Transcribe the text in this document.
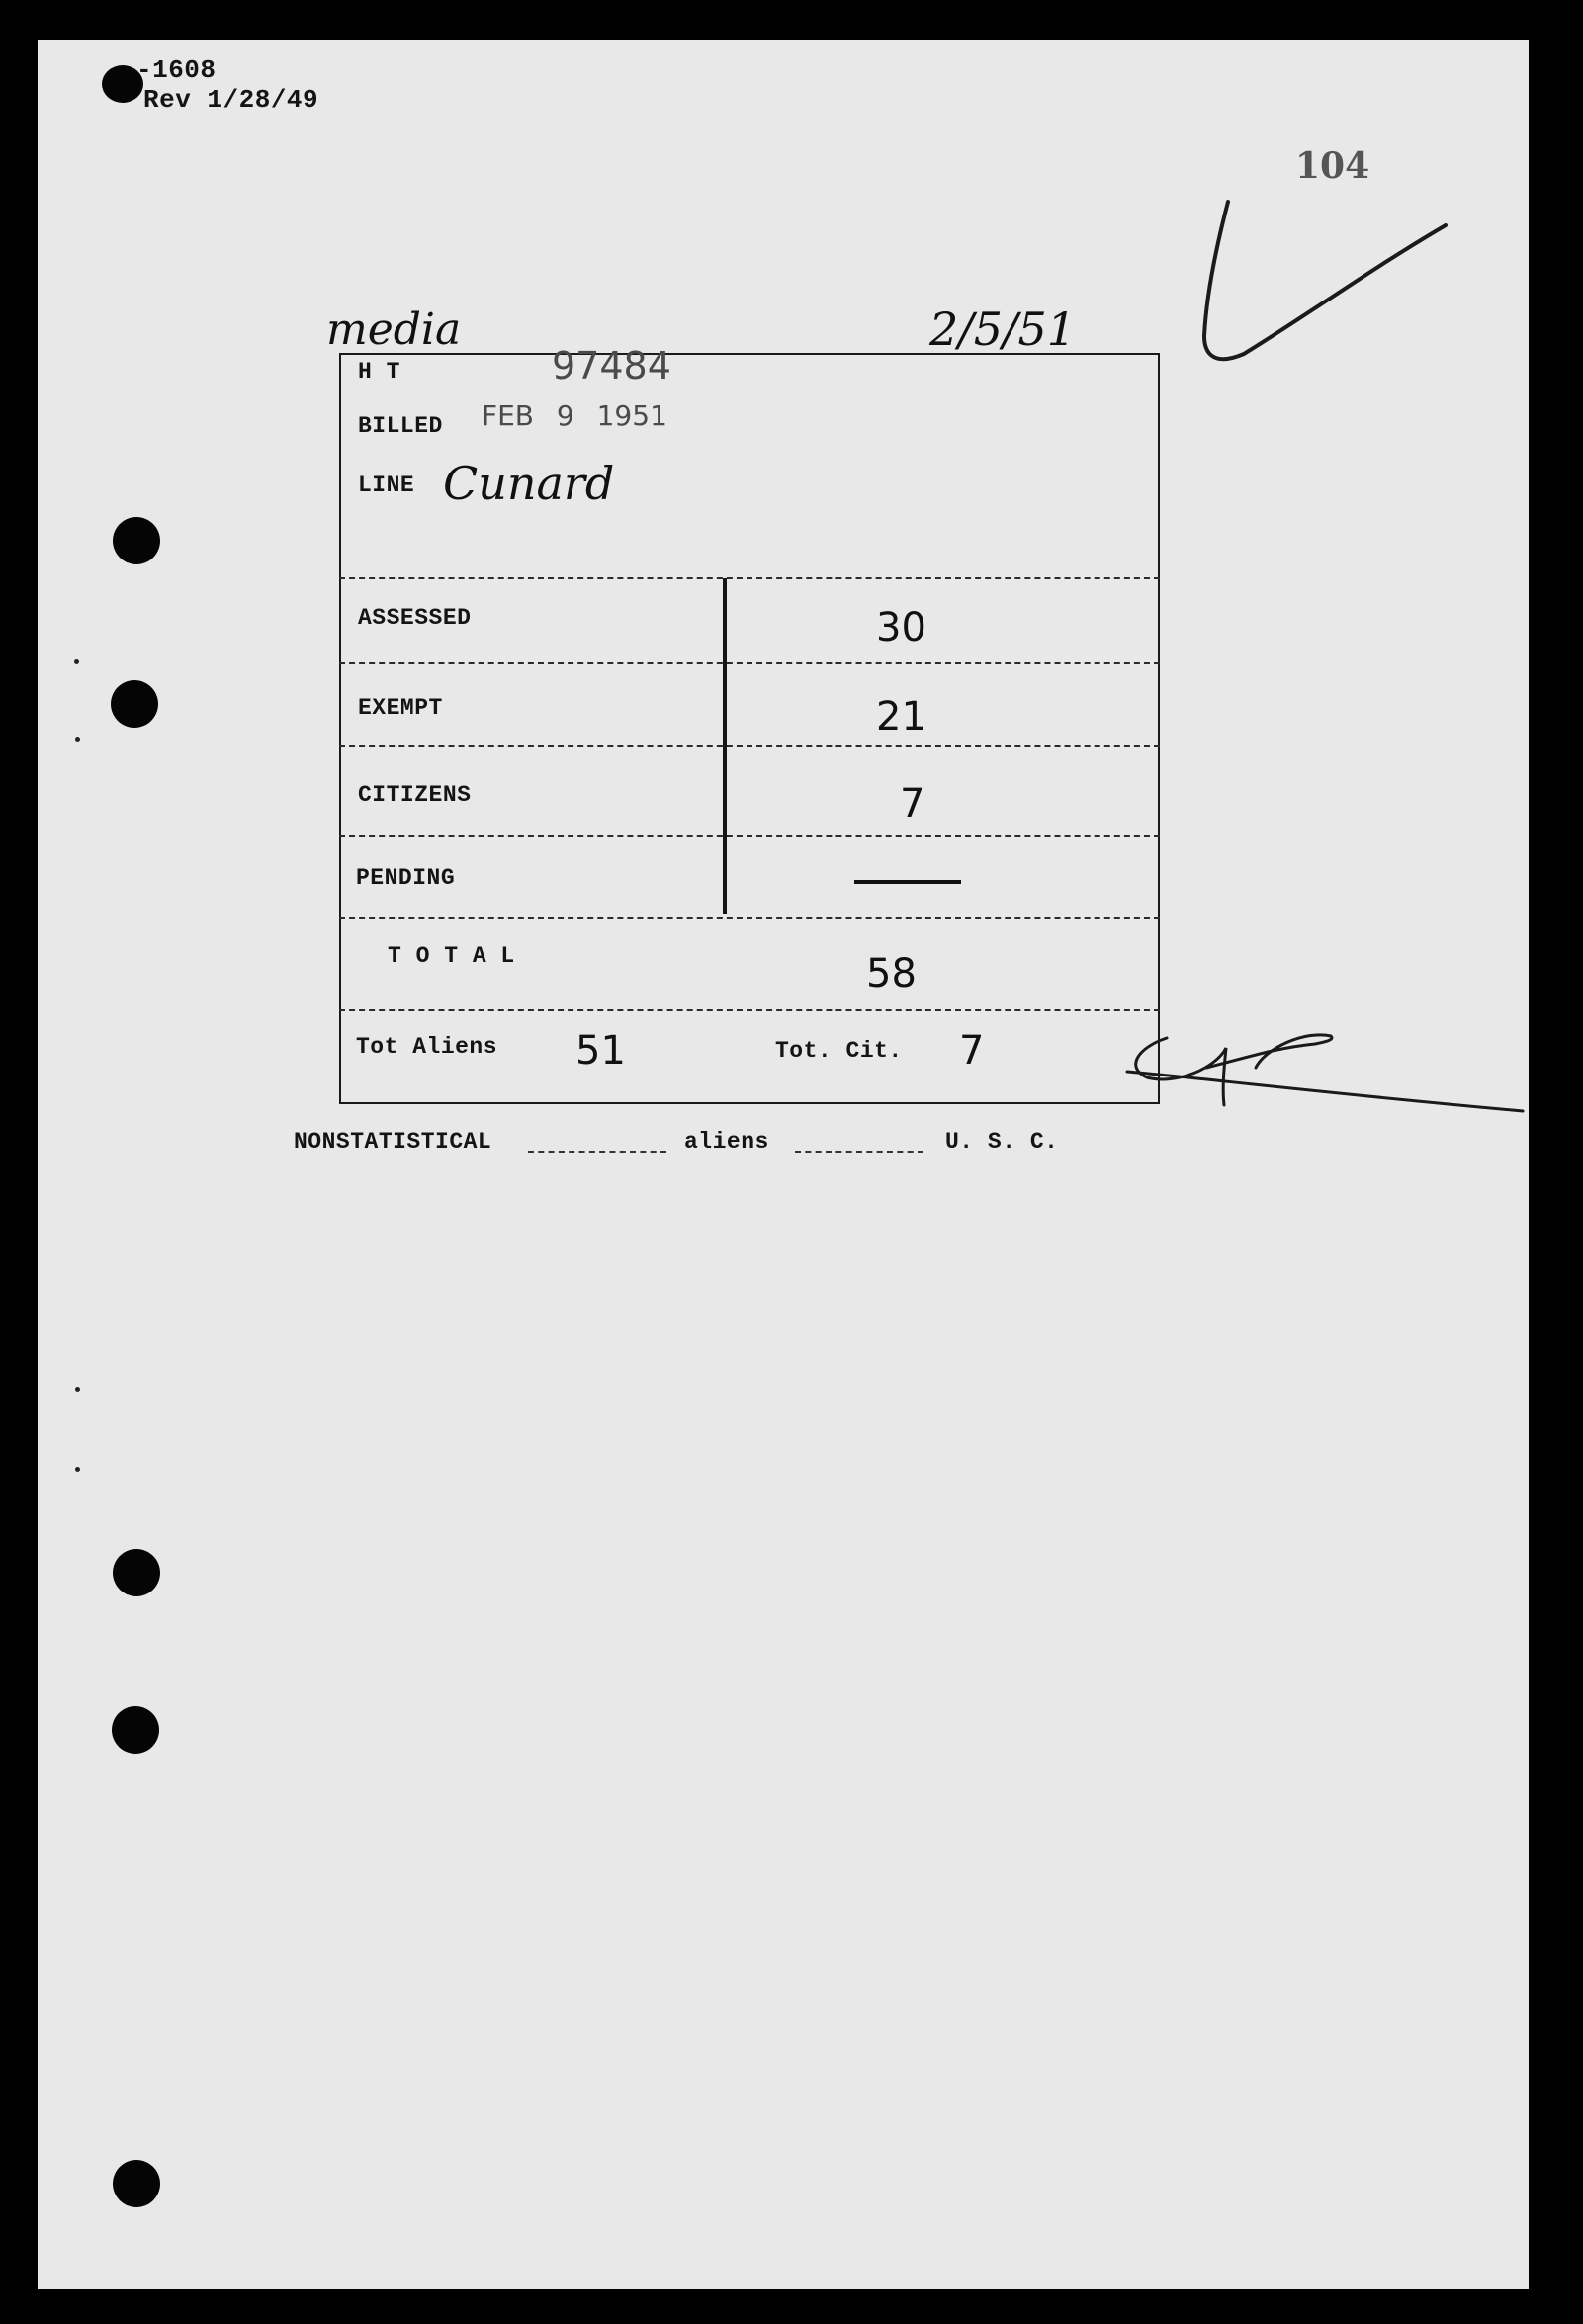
-1608
Rev 1/28/49
104
media	2/5/51
H T	97484
BILLED FEB 9 1951
LINE Cunard
ASSESSED	30
EXEMPT	21
CITIZENS	7
PENDING
T O T A L	58
Tot Aliens 51	Tot. Cit. 7
NONSTATISTICAL	aliens	U. S. C.
